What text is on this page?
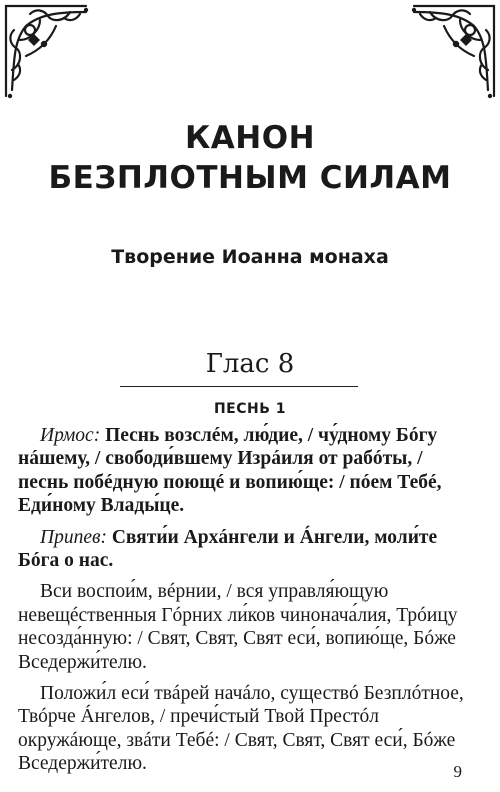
КАНОН
БЕЗПЛОТНЫМ СИЛАМ
Творение Иоанна монаха
Глас 8
ПЕСНЬ 1

Ирмос: Песнь возслéм, лю́дие, / чу́дному Бóгу нáшему, / свободи́вшему Изрáиля от рабóты, / песнь побéдную поющé и вопию́ще: / пóем Тебé, Еди́ному Влады́це.

Припев: Святи́и Архáнгели и Áнгели, моли́те Бóга о нас.

Вси воспои́м, вéрнии, / вся управля́ющую невещéственныя Гóрних ли́ков чинонача́лия, Трóицу несозда́нную: / Свят, Свят, Свят еси́, вопию́ще, Бóже Вседержи́телю.

Положи́л еси́ твáрей начáло, существó Безплóтное, Твóрче Áнгелов, / пречи́стый Твой Престóл окружáюще, звáти Тебé: / Свят, Свят, Свят еси́, Бóже Вседержи́телю.	9
